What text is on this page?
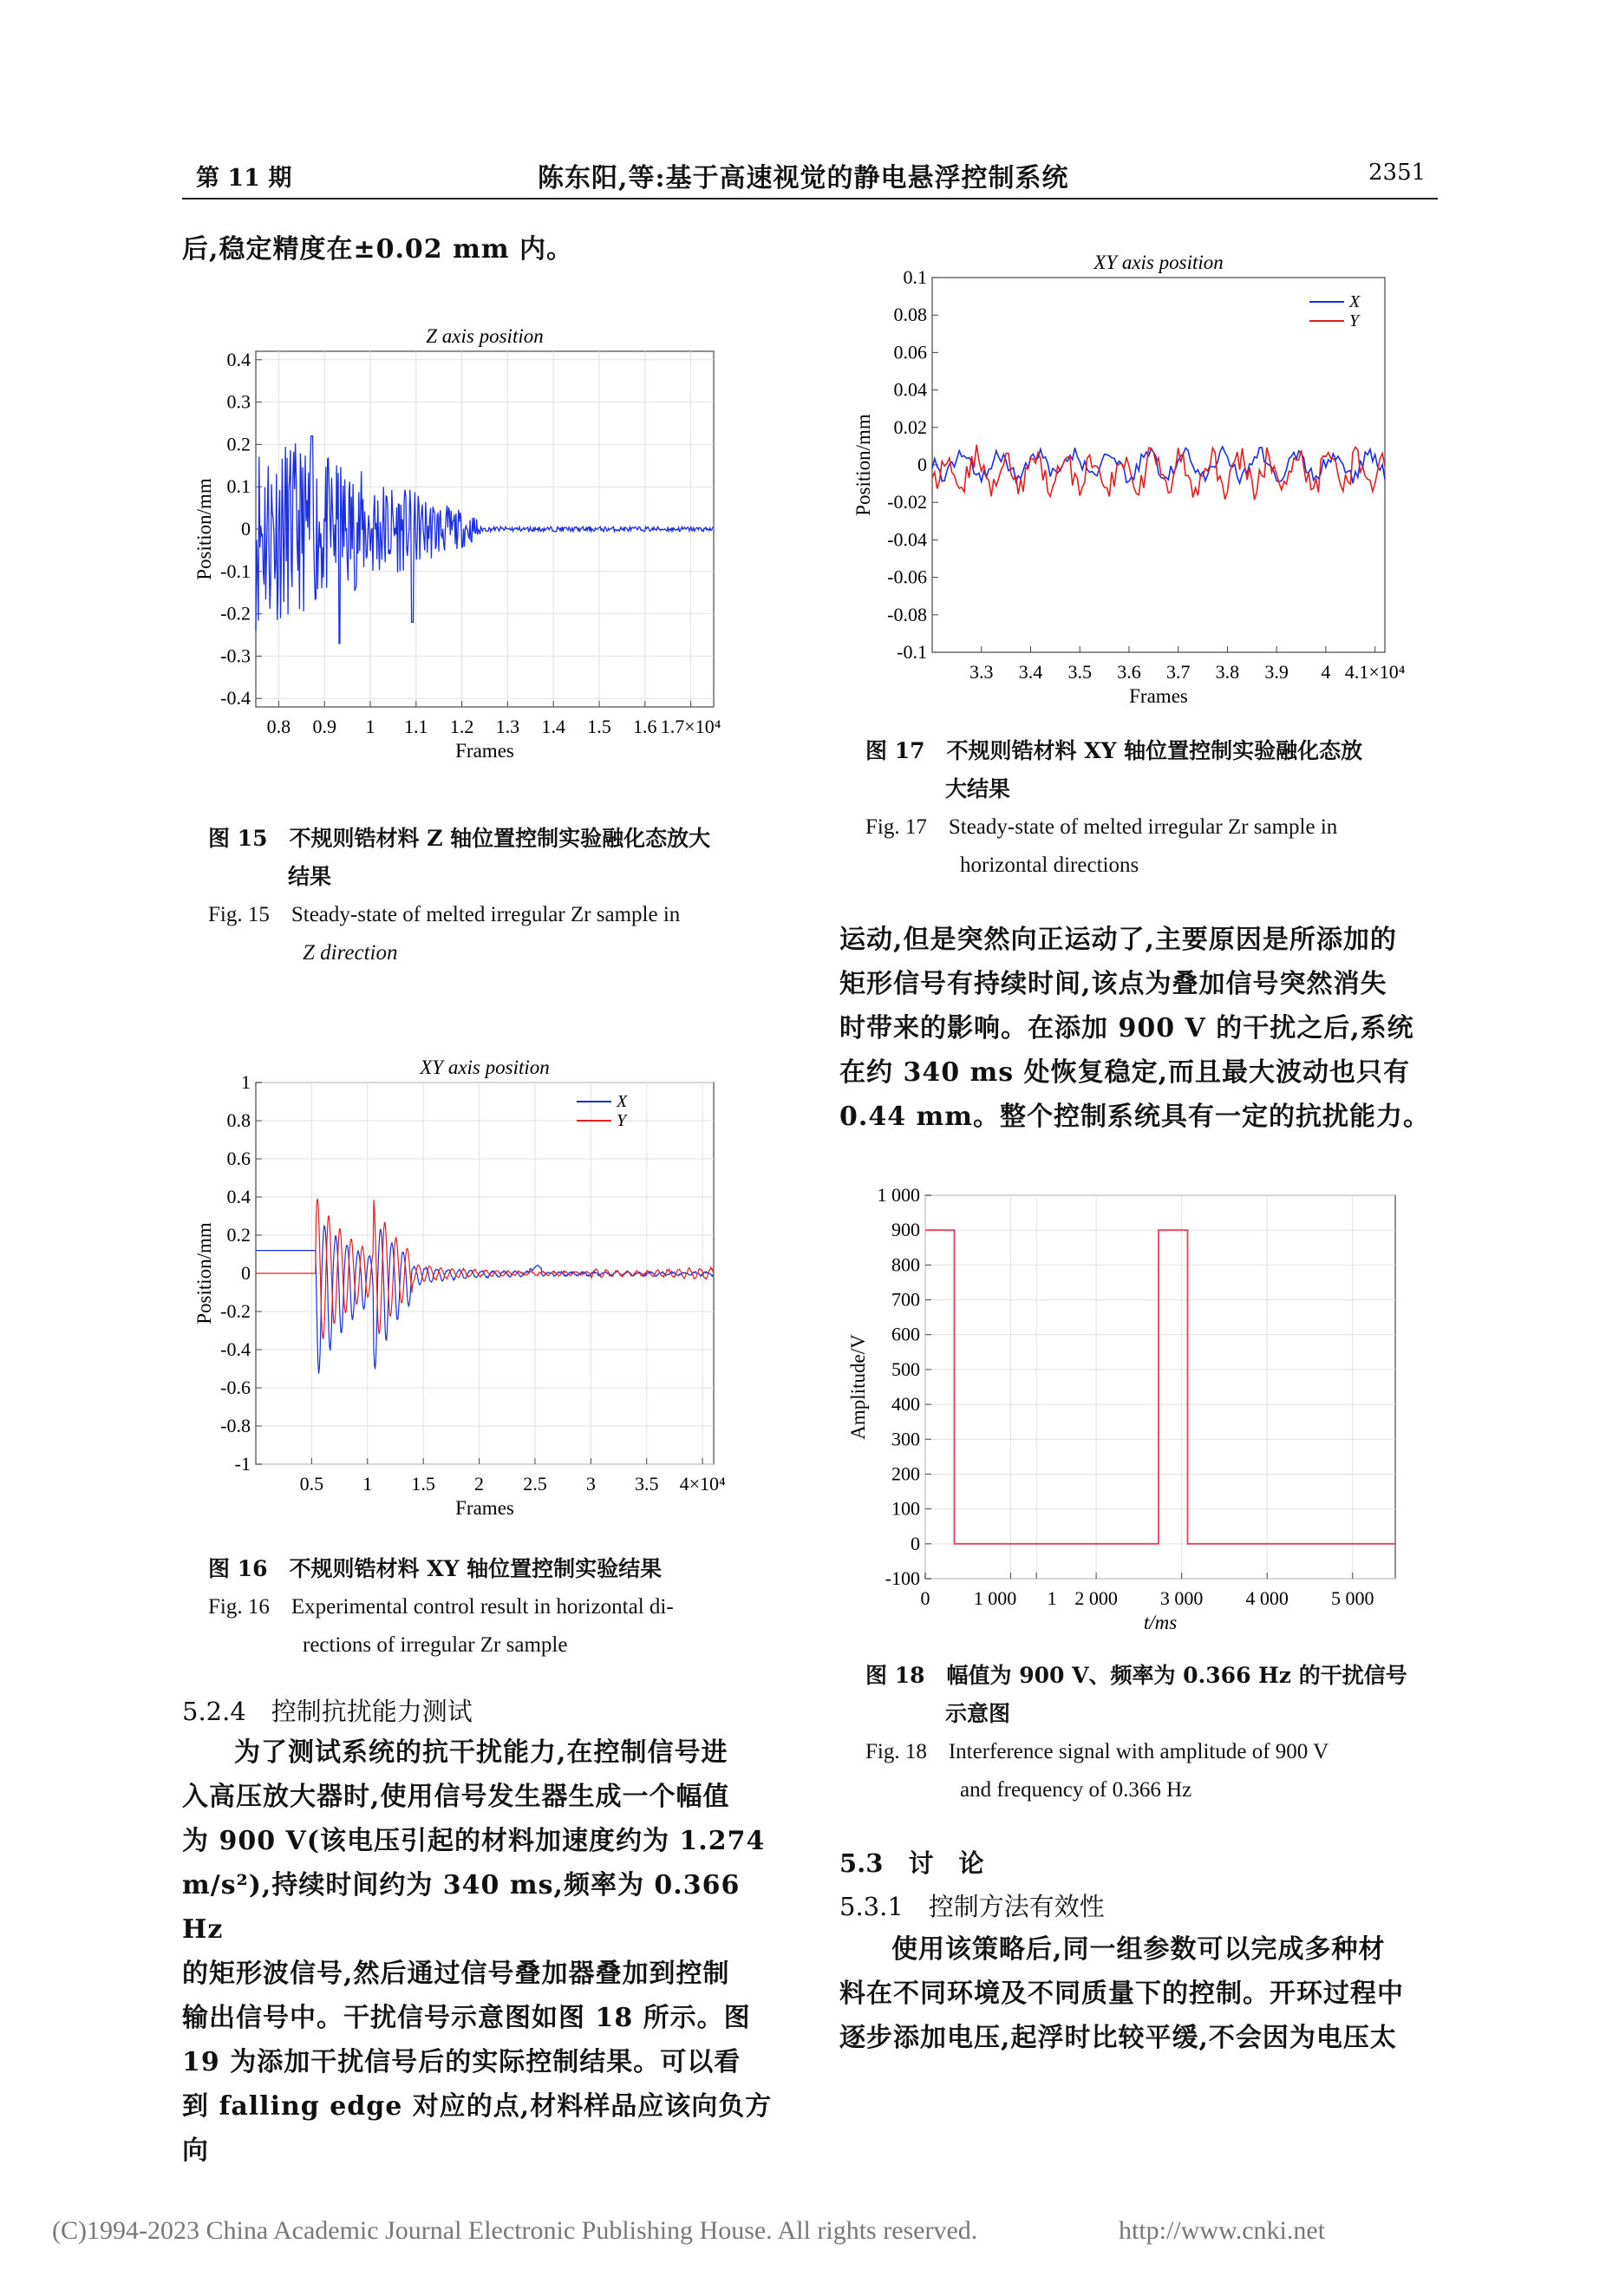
第 11 期	陈东阳,等:基于高速视觉的静电悬浮控制系统	2351
后,稳定精度在±0.02 mm 内。
0.4
0.3
0.2
0.1
0
-0.1
-0.2
-0.3
-0.4
0.8 0.9 1 1.1 1.2 1.3 1.4 1.5 1.6 1.7×10⁴
Z axis position
Frames
Position/mm
图 15　不规则锆材料 Z 轴位置控制实验融化态放大
结果
Fig. 15　Steady-state of melted irregular Zr sample in
Z direction
1
0.8
0.6
0.4
0.2
0
-0.2
-0.4
-0.6
-0.8
-1
0.5 1 1.5 2 2.5 3 3.5 4×10⁴
XY axis position
Frames
Position/mm
X
Y
图 16　不规则锆材料 XY 轴位置控制实验结果
Fig. 16　Experimental control result in horizontal di-
rections of irregular Zr sample
5.2.4　控制抗扰能力测试

为了测试系统的抗干扰能力,在控制信号进

入高压放大器时,使用信号发生器生成一个幅值

为 900 V(该电压引起的材料加速度约为 1.274

m/s²),持续时间约为 340 ms,频率为 0.366 Hz

的矩形波信号,然后通过信号叠加器叠加到控制

输出信号中。干扰信号示意图如图 18 所示。图

19 为添加干扰信号后的实际控制结果。可以看

到 falling edge 对应的点,材料样品应该向负方向

0.1
0.08
0.06
0.04
0.02
0
-0.02
-0.04
-0.06
-0.08
-0.1
3.3 3.4 3.5 3.6 3.7 3.8 3.9 4 4.1×10⁴
XY axis position
Frames
Position/mm
X
Y
图 17　不规则锆材料 XY 轴位置控制实验融化态放
大结果
Fig. 17　Steady-state of melted irregular Zr sample in
horizontal directions

运动,但是突然向正运动了,主要原因是所添加的

矩形信号有持续时间,该点为叠加信号突然消失

时带来的影响。在添加 900 V 的干扰之后,系统

在约 340 ms 处恢复稳定,而且最大波动也只有

0.44 mm。整个控制系统具有一定的抗扰能力。

1 000
900
800
700
600
500
400
300
200
100
0
-100
0 1 000 1 2 000 3 000 4 000 5 000
t/ms
Amplitude/V
图 18　幅值为 900 V、频率为 0.366 Hz 的干扰信号
示意图
Fig. 18　Interference signal with amplitude of 900 V
and frequency of 0.366 Hz
5.3　讨　论
5.3.1　控制方法有效性

使用该策略后,同一组参数可以完成多种材

料在不同环境及不同质量下的控制。开环过程中

逐步添加电压,起浮时比较平缓,不会因为电压太

(C)1994-2023 China Academic Journal Electronic Publishing House. All rights reserved.	http://www.cnki.net
